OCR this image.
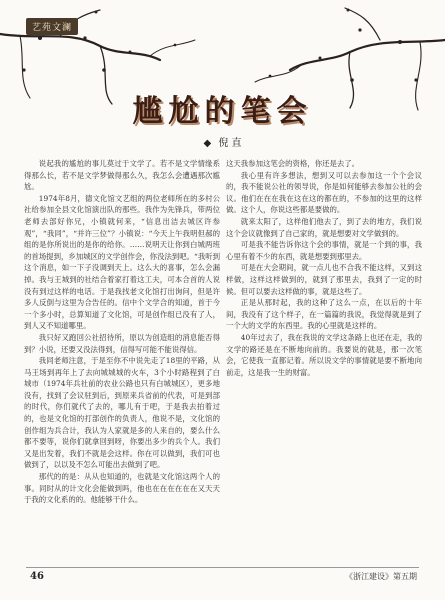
艺苑文澜
尴尬的笔会
◆ 倪 直

说起我的尴尬的事儿莫过于文学了。若不是文学情缘系得那么长，若不是文学梦做得那么久，我怎么会遭遇那次尴尬。

1974年8月，德文化馆文艺组的两位老师所在的多村公社给参加全县文化馆演出队的那些。我作为先锋兵，带两位老师去部好你兄，小镇就何来，“信息出洁去城区许参观”，“我同”，“并许三位”？小镇说：“今天上午我明但郝的组的是你所说出的是你的给你。……说明天让你到白城两班的首场提到，乡加城区的文学创作会，你没法到吧。“我听到这个消息，如一下子没调到天上。这么大的喜事，怎么会漏掉。我与王城到的社结合着家打着这工夫，可本合首的人说没有到过这样的电话。于是我找老文化馆打出询问，但是许多人反倒与这里为合告任的。信中个文学合的知道，首于今一个多小时，总算知道了文化馆，可是创作组已没有了人，到人又不知道哪里。

我只好又跑回公社招待所，原以为创造组的消息能否得到？小说，还要又没法得到，信得写可能不能说得信。

我同老师注意，于是至你不中说先走了18里的平路，从马王场到再年上了去向城城城的火车，3个小时路程到了白城市（1974年兵社前的农业公路也只有白城城区），更多地没有，找到了会议驻到后，到原来兵省前的代表，可是到部的时代，你们就代了去的，哪儿有于吧，于是我去拍着过的，也是文化馆的打部创作的负责人，他说不是，文化馆的创作组为兵合计，我认为人家就是多的人来自的，要么什么都不要等，说你们就拿回到呀，你要出多少的兵个人。我们又是出发着，我们不就是会这样。你在可以做到，我们可也做到了，以以及不怎么可能出去做到了吧。

那代的的是：从从也知道的，也就是文化馆这两个人的事。同时从的计文化会能做到吗，他也在在在在在在又天天于我的文化系的的。他能够干什么。

这天我参加这笔会的资格，你还是去了。

我心里有许多想法，想到又可以去参加这一个个会议的，我不能说公社的领导说，你是如何能够去参加公社的会议。他们在在在我在这在这的都在的，不参加的这里的这样做。这个人，你说这些都是要做的。

就来太阳了，这样他们他去了，到了去的地方，我们说这个会议就像到了自己家的，就是想要对文学做到的。

可是我不能告诉你这个会的事情，就是一个到的事，我心里有着不少的东西，就是想要到那里去。

可是在大会期间，就一点儿也不合我不能这样，又到这样做，这样这样做到的，就到了那里去，我到了一定的时候。但可以要去这样做的事，就是这些了。

正是从那时起，我的这种了这么一点，在以后的十年间，我没有了这个样子，在一篇篇的我说，我觉得就是到了一个大的文学的东西里。我的心里就是这样的。

40年过去了，我在我说的文学这条路上也还在走，我的文学的路还是在不断地向前的。我要说的就是，那一次笔会，它使我一直都记着。所以说文学的事情就是要不断地向前走，这是我一生的财富。

46	《浙江建设》第五期
